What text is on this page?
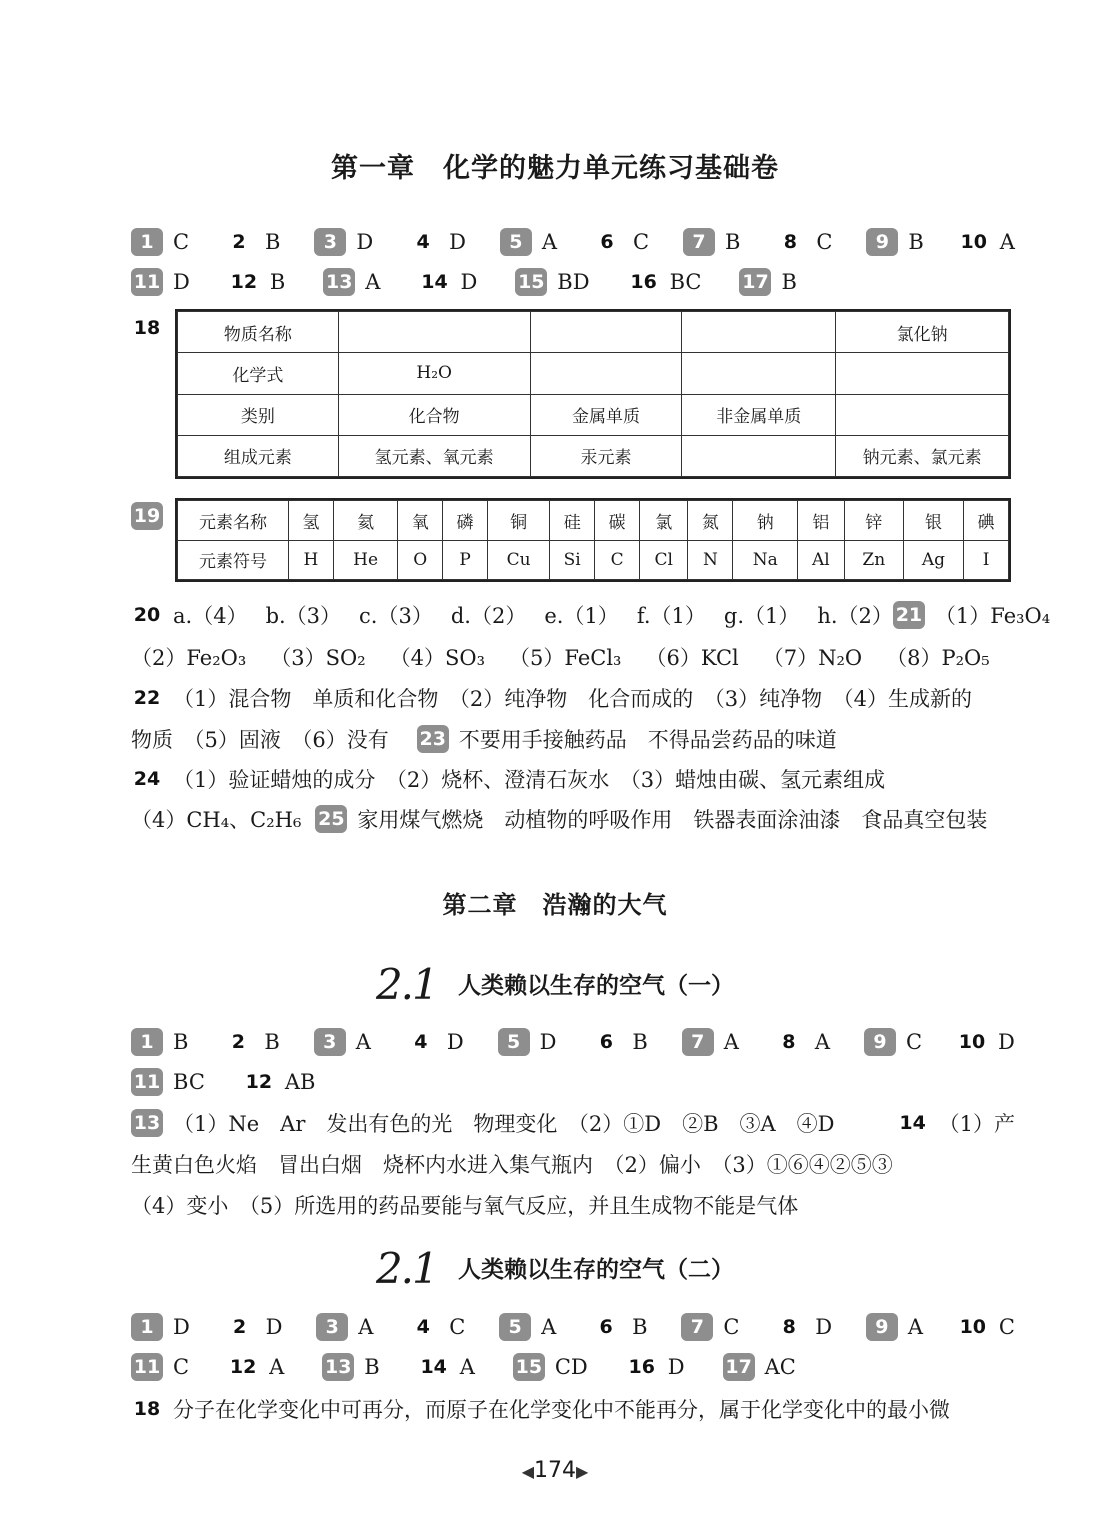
第一章　化学的魅力单元练习基础卷
1 C	2 B	3 D	4 D	5 A	6 C	7 B	8 C	9 B 10 A
11 D 12 B 13 A 14 D 15 BD 16 BC 17 B
18	物质名称				氯化钠
化学式	H₂O			
类别	化合物	金属单质	非金属单质	
组成元素	氢元素、氧元素	汞元素		钠元素、氯元素
19 元素名称	氢	氦	氧	磷	铜	硅	碳	氯	氮	钠	铝	锌	银	碘
元素符号	H	He	O	P	Cu	Si	C	Cl	N	Na	Al	Zn	Ag	I
20 a.（4） b.（3） c.（3） d.（2） e.（1） f.（1） g.（1） h.（2） 21 （1）Fe₃O₄
（2）Fe₂O₃ （3）SO₂ （4）SO₃ （5）FeCl₃ （6）KCl （7）N₂O （8）P₂O₅
22 （1）混合物　单质和化合物　（2）纯净物　化合而成的　（3）纯净物　（4）生成新的
物质　（5）固液　（6）没有 23 不要用手接触药品　不得品尝药品的味道
24 （1）验证蜡烛的成分　（2）烧杯、澄清石灰水　（3）蜡烛由碳、氢元素组成
（4）CH₄、C₂H₆ 25 家用煤气燃烧　动植物的呼吸作用　铁器表面涂油漆　食品真空包装
第二章　浩瀚的大气
2.1 人类赖以生存的空气（一）
1 B	2 B	3 A	4 D	5 D	6 B	7 A	8 A	9 C 10 D
11 BC 12 AB
13 （1）Ne　Ar　发出有色的光　物理变化　（2）①D　②B　③A　④D	14 （1）产
生黄白色火焰　冒出白烟　烧杯内水进入集气瓶内　（2）偏小　（3）①⑥④②⑤③
（4）变小　（5）所选用的药品要能与氧气反应，并且生成物不能是气体
2.1 人类赖以生存的空气（二）
1 D	2 D	3 A	4 C	5 A	6 B	7 C	8 D	9 A 10 C
11 C 12 A 13 B 14 A 15 CD 16 D 17 AC
18 分子在化学变化中可再分，而原子在化学变化中不能再分，属于化学变化中的最小微
◀174▶
